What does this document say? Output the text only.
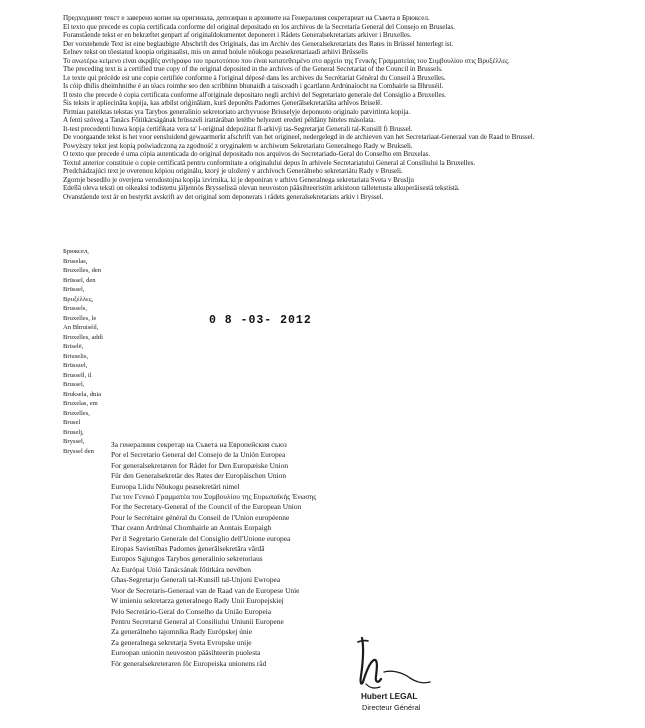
Предходният текст е заверено копие на оригинала, депозиран в архивите на Генералния секретариат на Съвета в Брюксел.

El texto que precede es copia certificada conforme del original depositado en los archivos de la Secretaría General del Consejo en Bruselas.

Foranstående tekst er en bekræftet genpart af originaldokumentet deponeret i Rådets Generalsekretariats arkiver i Bruxelles.

Der vorstehende Text ist eine beglaubigte Abschrift des Originals, das im Archiv des Generalsekretariats des Rates in Brüssel hinterlegt ist.

Eelnev tekst on tõestatud koopia originaalist, mis on antud hoiule nõukogu peasekretariaadi arhiivi Brüsselis

Το ανωτέρω κείμενο είναι ακριβές αντίγραφο του πρωτοτύπου που είναι κατατεθειμένο στο αρχείο της Γενικής Γραμματείας του Συμβουλίου στις Βρυξέλλες.

The preceding text is a certified true copy of the original deposited in the archives of the General Secretariat of the Council in Brussels.

Le texte qui précède est une copie certifiée conforme à l'original déposé dans les archives du Secrétariat Général du Conseil à Bruxelles.

Is cóip dhílis dheimhnithe é an téacs roimhe seo den scríbhinn bhunaidh a taisceadh i gcartlann Ardrúnaíocht na Comhairle sa Bhruséil.

Il testo che precede è copia certificata conforme all'originale depositato negli archivi del Segretariato generale del Consiglio a Bruxelles.

Šis teksts ir apliecināta kopija, kas atbilst oriģinālam, kurš deponēts Padomes Ģenerālsekretariāta arhīvos Briselē.

Pirmiau pateiktas tekstas yra Tarybos generalinio sekretoriato archyvuose Briuselyje deponuoto originalo patvirtinta kopija.

A fenti szöveg a Tanács Főtitkárságának brüsszeli irattárában letétbe helyezett eredeti példány hiteles másolata.

It-test precedenti huwa kopja ċertifikata vera ta' l-oriġinal ddepożitat fl-arkivji tas-Segretarjat Ġenerali tal-Kunsill fi Brussel.

De voorgaande tekst is het voor eensluidend gewaarmerkt afschrift van het origineel, nedergelegd in de archieven van het Secretariaat-Generaal van de Raad te Brussel.

Powyższy tekst jest kopią poświadczoną za zgodność z oryginałem w archiwum Sekretariatu Generalnego Rady w Brukseli.

O texto que precede é uma cópia autenticada do original depositado nos arquivos do Secretariado-Geral do Conselho em Bruxelas.

Textul anterior constituie o copie certificată pentru conformitate a originalului depus în arhivele Secretariatului General al Consiliului la Bruxelles.

Predchádzajúci text je overenou kópiou originálu, ktorý je uložený v archívoch Generálneho sekretariátu Rady v Bruseli.

Zgornje besedilo je overjena verodostojna kopija izvirnika, ki je deponiran v arhivu Generalnega sekretariata Sveta v Bruslju

Edellä oleva teksti on oikeaksi todistettu jäljennös Brysselissä olevan neuvoston pääsihteeristön arkistoon talletetusta alkuperäisestä tekstistä.

Ovanstående text är en bestyrkt avskrift av det original som deponerats i rådets generalsekretariats arkiv i Bryssel.

Брюксел,
Bruselas,
Bruxelles, den
Brüssel, den
Brüssel,
Βρυξέλλες,
Brussels,
Bruxelles, le
An Bhruiséil,
Bruxelles, addì
Briselē,
Briuselis,
Brüsszel,
Brussell, il
Brussel,
Bruksela, dnia
Bruxelas, em
Bruxelles,
Brusel
Bruselj,
Bryssel,
Bryssel den
0 8 -03- 2012
За генералния секретар на Съвета на Европейския съюз
Por el Secretario General del Consejo de la Unión Europea
For generalsekretæren for Rådet for Den Europæiske Union
Für den Generalsekretär des Rates der Europäischen Union
Euroopa Liidu Nõukogu peasekretäri nimel
Για τον Γενικό Γραμματέα του Συμβουλίου της Ευρωπαϊκής Ένωσης
For the Secretary-General of the Council of the European Union
Pour le Secrétaire général du Conseil de l'Union européenne
Thar ceann Ardrúnaí Chomhairle an Aontais Eorpaigh
Per il Segretario Generale del Consiglio dell'Unione europea
Eiropas Savienības Padomes ģenerālsekretāra vārdā
Europos Sąjungos Tarybos generalinio sekretoriaus
Az Európai Unió Tanácsának főtitkára nevében
Għas-Segretarju Ġenerali tal-Kunsill tal-Unjoni Ewropea
Voor de Secretaris-Generaal van de Raad van de Europese Unie
W imieniu sekretarza generalnego Rady Unii Europejskiej
Pelo Secretário-Geral do Conselho da União Europeia
Pentru Secretarul General al Consiliului Uniunii Europene
Za generálneho tajomníka Rady Európskej únie
Za generalnega sekretarja Sveta Evropske unije
Euroopan unionin neuvoston pääsihteerin puolesta
För generalsekreteraren för Europeiska unionens råd
Hubert LEGAL
Directeur Général
